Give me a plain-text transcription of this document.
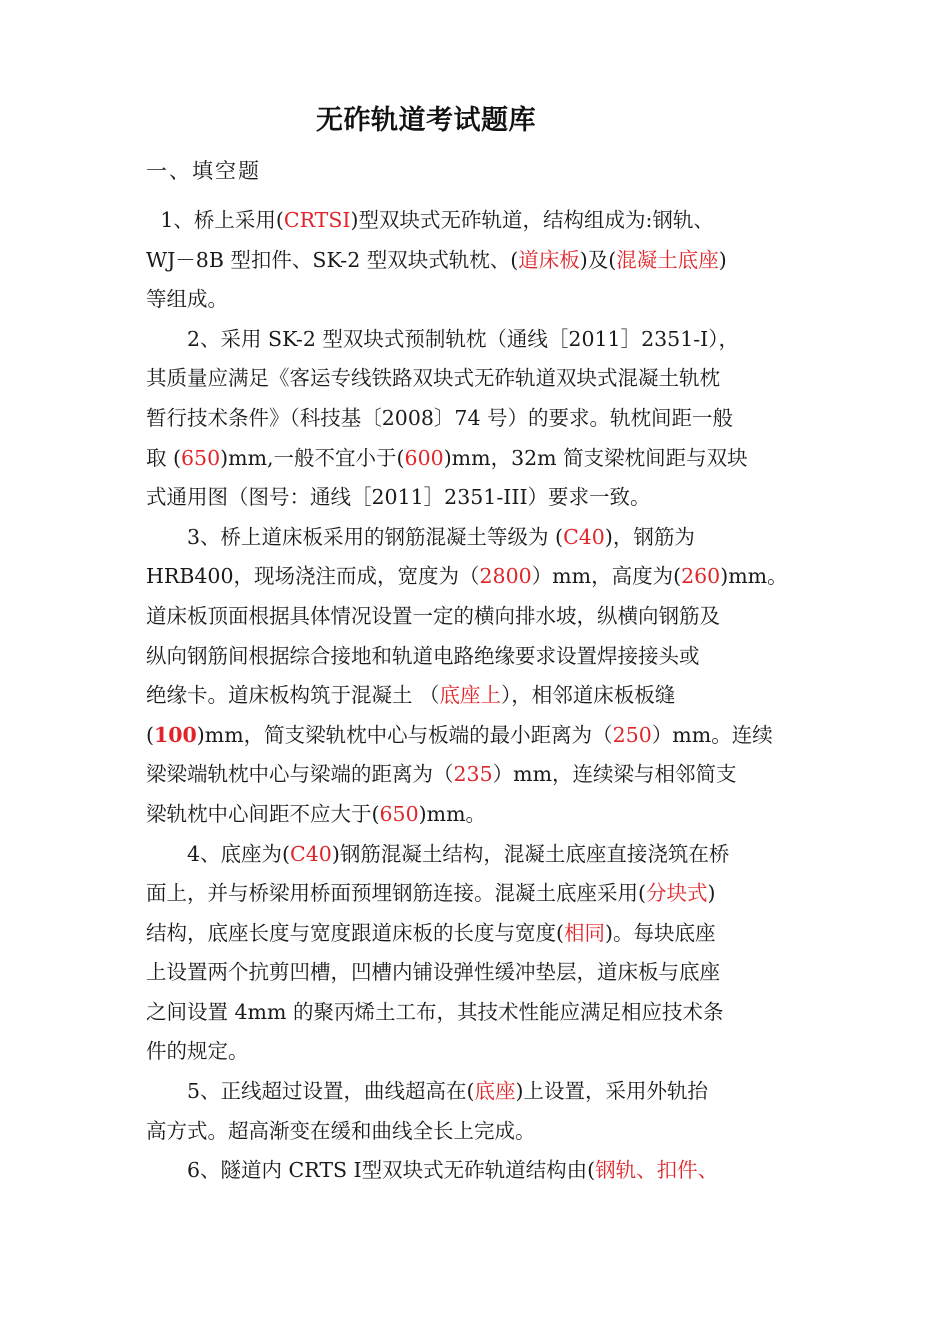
无砟轨道考试题库
一、填空题
1、桥上采用(CRTSⅠ)型双块式无砟轨道，结构组成为:钢轨、
WJ－8B 型扣件、SK-2 型双块式轨枕、(道床板)及(混凝土底座)
等组成。
2、采用 SK-2 型双块式预制轨枕（通线［2011］2351-Ⅰ），
其质量应满足《客运专线铁路双块式无砟轨道双块式混凝土轨枕
暂行技术条件》（科技基〔2008〕74 号）的要求。轨枕间距一般
取 (650)mm,一般不宜小于(600)mm，32m 简支梁枕间距与双块
式通用图（图号：通线［2011］2351-III）要求一致。
3、桥上道床板采用的钢筋混凝土等级为 (C40)，钢筋为
HRB400，现场浇注而成，宽度为（2800）mm，高度为(260)mm。
道床板顶面根据具体情况设置一定的横向排水坡，纵横向钢筋及
纵向钢筋间根据综合接地和轨道电路绝缘要求设置焊接接头或
绝缘卡。道床板构筑于混凝土 （底座上），相邻道床板板缝
(100)mm，简支梁轨枕中心与板端的最小距离为（250）mm。连续
梁梁端轨枕中心与梁端的距离为（235）mm，连续梁与相邻简支
梁轨枕中心间距不应大于(650)mm。
4、底座为(C40)钢筋混凝土结构，混凝土底座直接浇筑在桥
面上，并与桥梁用桥面预埋钢筋连接。混凝土底座采用(分块式)
结构，底座长度与宽度跟道床板的长度与宽度(相同)。每块底座
上设置两个抗剪凹槽，凹槽内铺设弹性缓冲垫层，道床板与底座
之间设置 4mm 的聚丙烯土工布，其技术性能应满足相应技术条
件的规定。
5、正线超过设置，曲线超高在(底座)上设置，采用外轨抬
高方式。超高渐变在缓和曲线全长上完成。
6、隧道内 CRTS Ⅰ型双块式无砟轨道结构由(钢轨、扣件、
